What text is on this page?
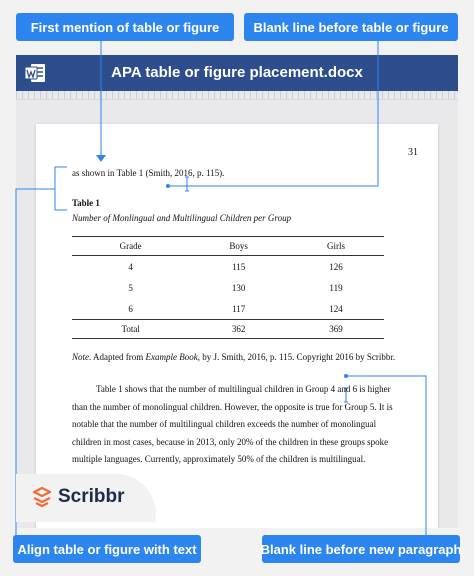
First mention of table or figure	Blank line before table or figure
APA table or figure placement.docx
31
as shown in Table 1 (Smith, 2016, p. 115).
Table 1
Number of Monlingual and Multilingual Children per Group
Grade	Boys	Girls
4	115	126
5	130	119
6	117	124
Total	362	369
Note. Adapted from Example Book, by J. Smith, 2016, p. 115. Copyright 2016 by Scribbr.
Table 1 shows that the number of multilingual children in Group 4 and 6 is higher than the number of monolingual children. However, the opposite is true for Group 5. It is notable that the number of multilingual children exceeds the number of monolingual children in most cases, because in 2013, only 20% of the children in these groups spoke multiple languages. Currently, approximately 50% of the children is multilingual.
Scribbr
Align table or figure with text	Blank line before new paragraph
